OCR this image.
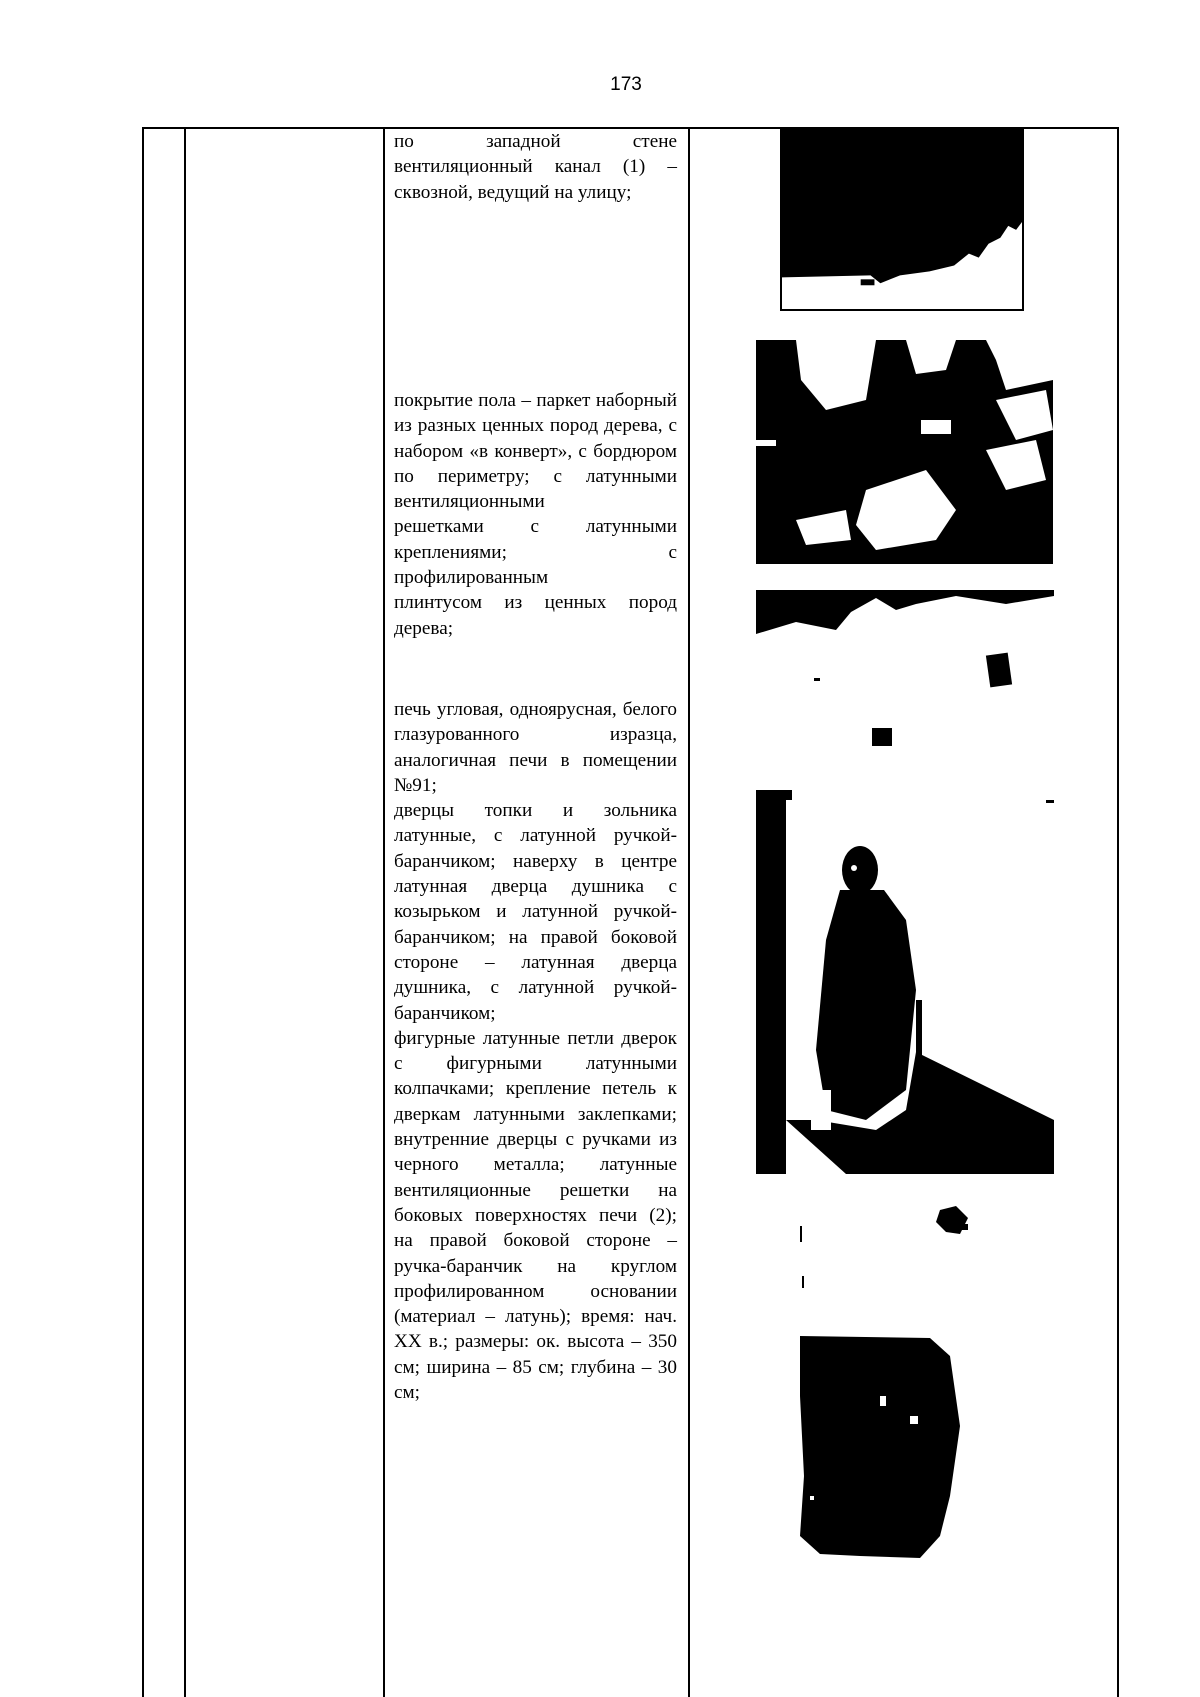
173

по западной стене вентиляционный канал (1) – сквозной, ведущий на улицу;

покрытие пола – паркет наборный из разных ценных пород дерева, с набором «в конверт», с бордюром по периметру; с латунными вентиляционными

решетками с латунными креплениями; с профилированным

плинтусом из ценных пород дерева;

печь угловая, одноярусная, белого глазурованного изразца, аналогичная печи в помещении №91;

дверцы топки и зольника латунные, с латунной ручкой-баранчиком; наверху в центре латунная дверца душника с козырьком и латунной ручкой-баранчиком; на правой боковой стороне – латунная дверца душника, с латунной ручкой-баранчиком;

фигурные латунные петли дверок с фигурными латунными колпачками; крепление петель к дверкам латунными заклепками; внутренние дверцы с ручками из черного металла; латунные вентиляционные решетки на боковых поверхностях печи (2); на правой боковой стороне – ручка-баранчик на круглом профилированном основании (материал – латунь); время: нач. XX в.; размеры: ок. высота – 350 см; ширина – 85 см; глубина – 30 см;
